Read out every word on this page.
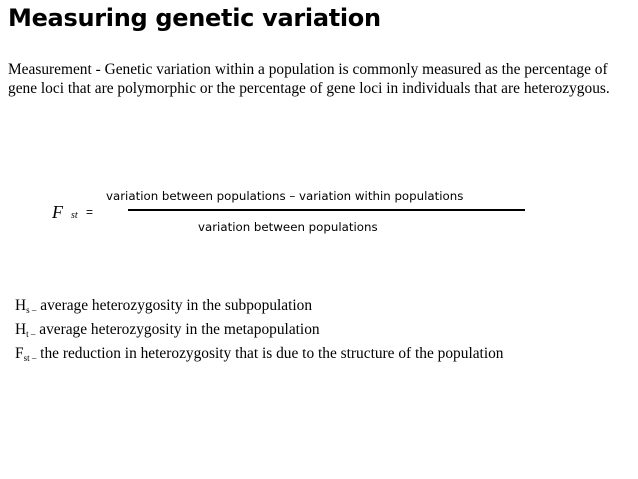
Measuring genetic variation
Measurement - Genetic variation within a population is commonly measured as the percentage of gene loci that are polymorphic or the percentage of gene loci in individuals that are heterozygous.
F st =
variation between populations – variation within populations
variation between populations

$H_{s -}$ average heterozygosity in the subpopulation

$H_{t -}$ average heterozygosity in the metapopulation

$F_{st -}$ the reduction in heterozygosity that is due to the structure of the population
